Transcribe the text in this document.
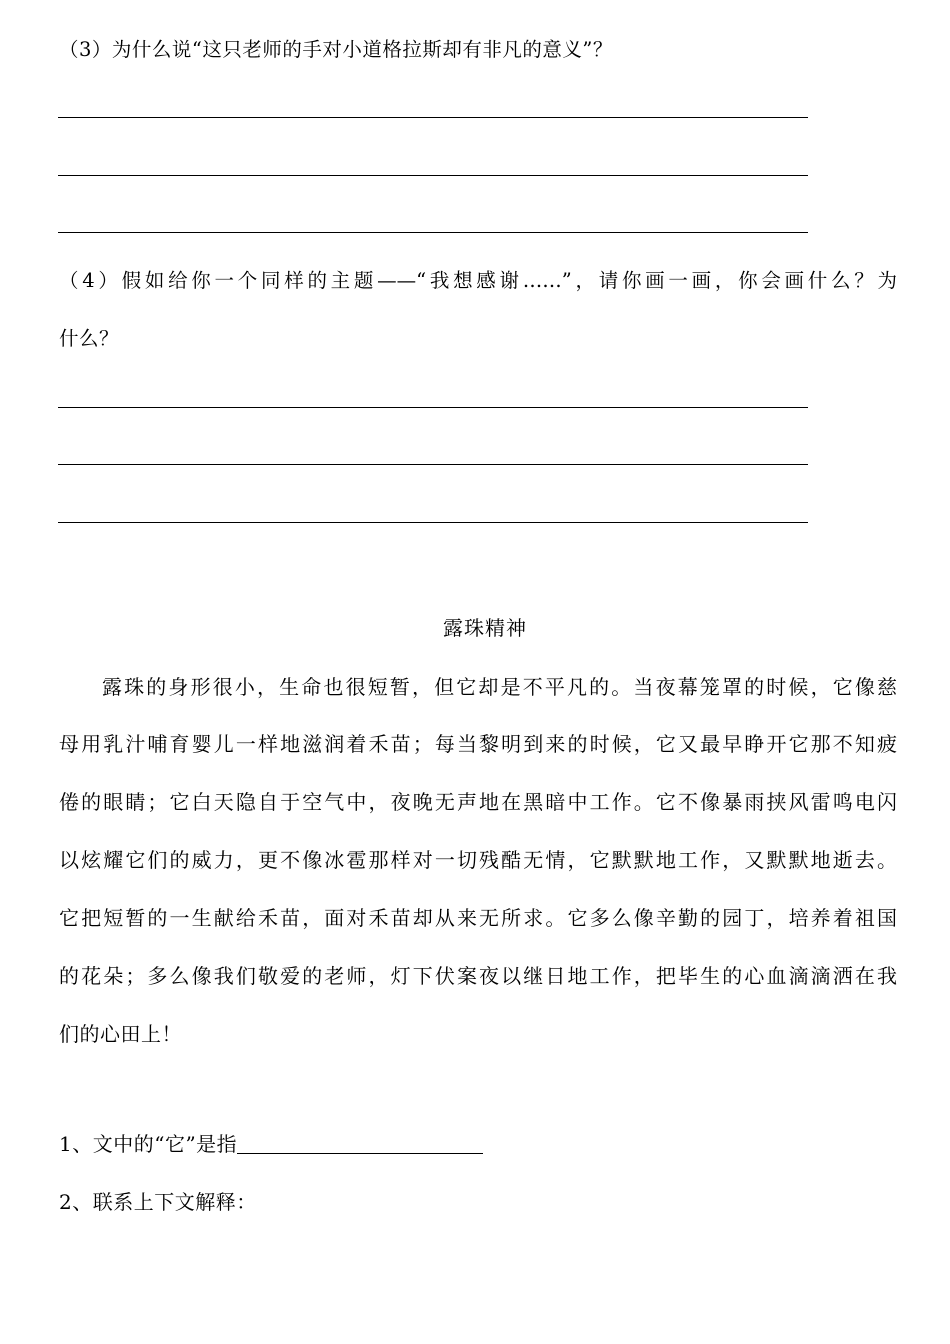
（3）为什么说“这只老师的手对小道格拉斯却有非凡的意义”？
（4）假如给你一个同样的主题——“我想感谢……”，请你画一画，你会画什么？为
什么？
露珠精神
露珠的身形很小，生命也很短暂，但它却是不平凡的。当夜幕笼罩的时候，它像慈
母用乳汁哺育婴儿一样地滋润着禾苗；每当黎明到来的时候，它又最早睁开它那不知疲
倦的眼睛；它白天隐自于空气中，夜晚无声地在黑暗中工作。它不像暴雨挟风雷鸣电闪
以炫耀它们的威力，更不像冰雹那样对一切残酷无情，它默默地工作，又默默地逝去。
它把短暂的一生献给禾苗，面对禾苗却从来无所求。它多么像辛勤的园丁，培养着祖国
的花朵；多么像我们敬爱的老师，灯下伏案夜以继日地工作，把毕生的心血滴滴洒在我
们的心田上！
1、文中的“它”是指
2、联系上下文解释：
